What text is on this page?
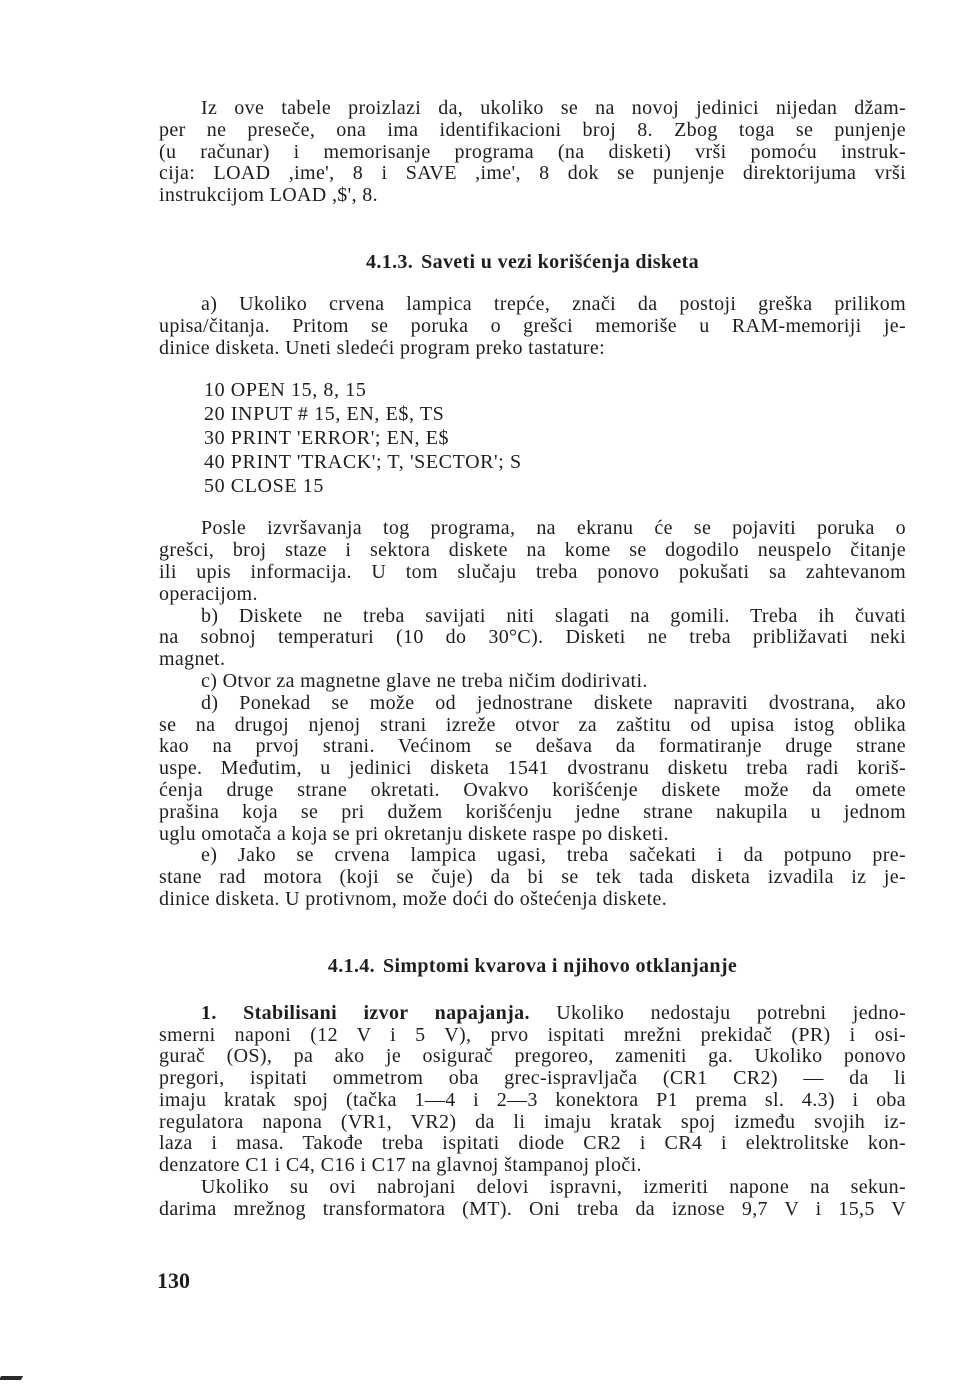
Iz ove tabele proizlazi da, ukoliko se na novoj jedinici nijedan džam-
per ne preseče, ona ima identifikacioni broj 8. Zbog toga se punjenje
(u računar) i memorisanje programa (na disketi) vrši pomoću instruk-
cija: LOAD ,ime', 8 i SAVE ,ime', 8 dok se punjenje direktorijuma vrši
instrukcijom LOAD ,$', 8.

4.1.3. Saveti u vezi korišćenja disketa

a) Ukoliko crvena lampica trepće, znači da postoji greška prilikom
upisa/čitanja. Pritom se poruka o grešci memoriše u RAM-memoriji je-
dinice disketa. Uneti sledeći program preko tastature:

10 OPEN 15, 8, 15
20 INPUT # 15, EN, E$, TS
30 PRINT 'ERROR'; EN, E$
40 PRINT 'TRACK'; T, 'SECTOR'; S
50 CLOSE 15

Posle izvršavanja tog programa, na ekranu će se pojaviti poruka o
grešci, broj staze i sektora diskete na kome se dogodilo neuspelo čitanje
ili upis informacija. U tom slučaju treba ponovo pokušati sa zahtevanom
operacijom.

b) Diskete ne treba savijati niti slagati na gomili. Treba ih čuvati
na sobnoj temperaturi (10 do 30°C). Disketi ne treba približavati neki
magnet.

c) Otvor za magnetne glave ne treba ničim dodirivati.

d) Ponekad se može od jednostrane diskete napraviti dvostrana, ako
se na drugoj njenoj strani izreže otvor za zaštitu od upisa istog oblika
kao na prvoj strani. Većinom se dešava da formatiranje druge strane
uspe. Međutim, u jedinici disketa 1541 dvostranu disketu treba radi koriš-
ćenja druge strane okretati. Ovakvo korišćenje diskete može da omete
prašina koja se pri dužem korišćenju jedne strane nakupila u jednom
uglu omotača a koja se pri okretanju diskete raspe po disketi.

e) Jako se crvena lampica ugasi, treba sačekati i da potpuno pre-
stane rad motora (koji se čuje) da bi se tek tada disketa izvadila iz je-
dinice disketa. U protivnom, može doći do oštećenja diskete.

4.1.4. Simptomi kvarova i njihovo otklanjanje

1. Stabilisani izvor napajanja. Ukoliko nedostaju potrebni jedno-
smerni naponi (12 V i 5 V), prvo ispitati mrežni prekidač (PR) i osi-
gurač (OS), pa ako je osigurač pregoreo, zameniti ga. Ukoliko ponovo
pregori, ispitati ommetrom oba grec-ispravljača (CR1 CR2) — da li
imaju kratak spoj (tačka 1—4 i 2—3 konektora P1 prema sl. 4.3) i oba
regulatora napona (VR1, VR2) da li imaju kratak spoj između svojih iz-
laza i masa. Takođe treba ispitati diode CR2 i CR4 i elektrolitske kon-
denzatore C1 i C4, C16 i C17 na glavnoj štampanoj ploči.

Ukoliko su ovi nabrojani delovi ispravni, izmeriti napone na sekun-
darima mrežnog transformatora (MT). Oni treba da iznose 9,7 V i 15,5 V

130
